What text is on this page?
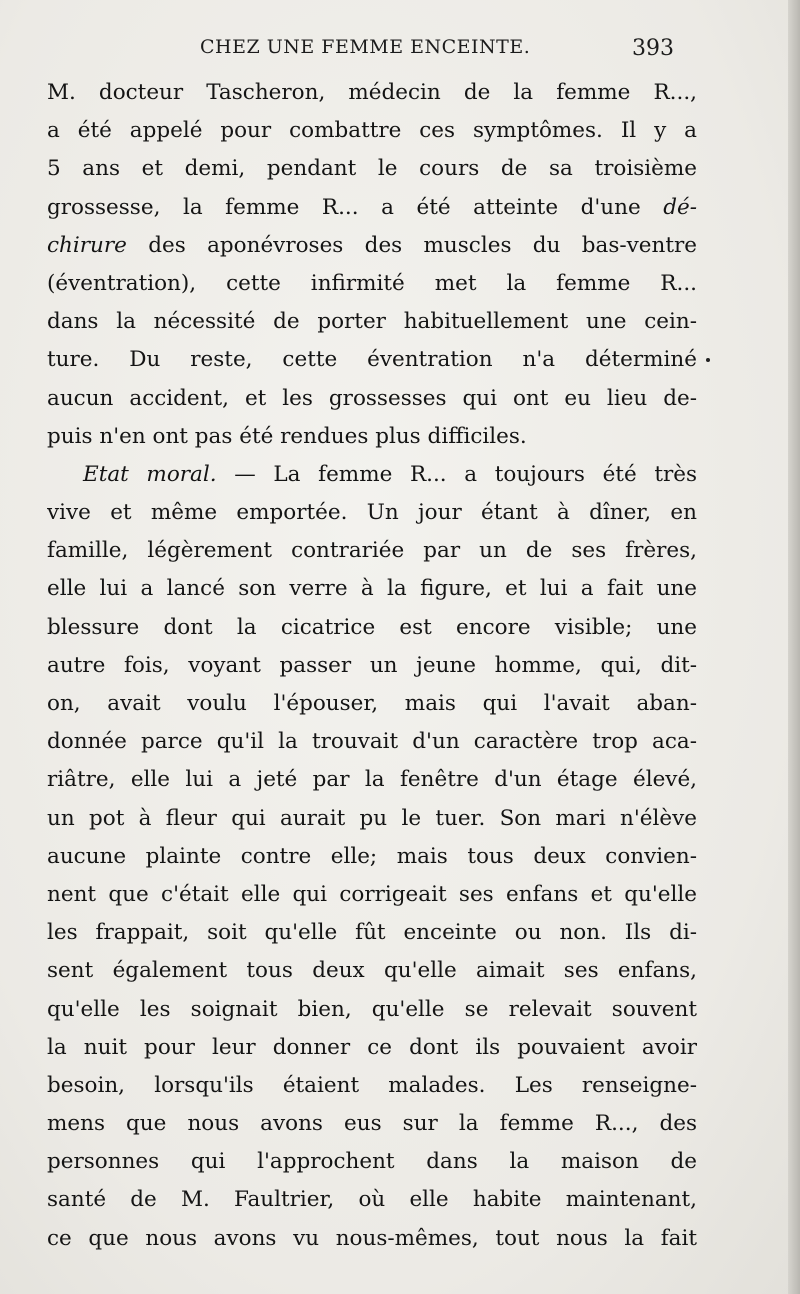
CHEZ UNE FEMME ENCEINTE.	393
M. docteur Tascheron, médecin de la femme R...,
a été appelé pour combattre ces symptômes. Il y a
5 ans et demi, pendant le cours de sa troisième
grossesse, la femme R... a été atteinte d'une dé-
chirure des aponévroses des muscles du bas-ventre
(éventration), cette infirmité met la femme R...
dans la nécessité de porter habituellement une cein-
ture. Du reste, cette éventration n'a déterminé
aucun accident, et les grossesses qui ont eu lieu de-
puis n'en ont pas été rendues plus difficiles.
Etat moral. — La femme R... a toujours été très
vive et même emportée. Un jour étant à dîner, en
famille, légèrement contrariée par un de ses frères,
elle lui a lancé son verre à la figure, et lui a fait une
blessure dont la cicatrice est encore visible; une
autre fois, voyant passer un jeune homme, qui, dit-
on, avait voulu l'épouser, mais qui l'avait aban-
donnée parce qu'il la trouvait d'un caractère trop aca-
riâtre, elle lui a jeté par la fenêtre d'un étage élevé,
un pot à fleur qui aurait pu le tuer. Son mari n'élève
aucune plainte contre elle; mais tous deux convien-
nent que c'était elle qui corrigeait ses enfans et qu'elle
les frappait, soit qu'elle fût enceinte ou non. Ils di-
sent également tous deux qu'elle aimait ses enfans,
qu'elle les soignait bien, qu'elle se relevait souvent
la nuit pour leur donner ce dont ils pouvaient avoir
besoin, lorsqu'ils étaient malades. Les renseigne-
mens que nous avons eus sur la femme R..., des
personnes qui l'approchent dans la maison de
santé de M. Faultrier, où elle habite maintenant,
ce que nous avons vu nous-mêmes, tout nous la fait
